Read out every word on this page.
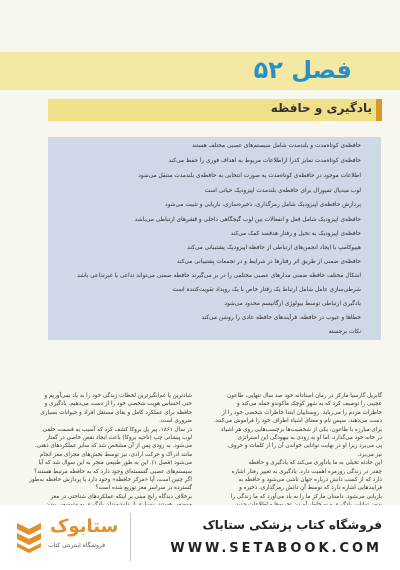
فصل ۵۲
یادگیری و حافظه
حافظه‌ی کوتاه‌مدت و بلندمدت شامل سیستم‌های عصبی مختلف هستند
حافظه‌ی کوتاه‌مدت تمایز کذرا ازاطلاعات مربوط به اهداف فوری را حفظ می‌کند
اطلاعات موجود در حافظه‌ی کوتاه‌مدت به صورت انتخابی به حافظه‌ی بلندمدت منتقل می‌شود
لوب میدیال تمپورال برای حافظه‌ی بلندمدت اپیزودیک حیاتی است
پردازش حافظه‌ی اپیزودیک شامل رمزگذاری، ذخیره‌سازی، بازیابی و تثبیت می‌شود
حافظه‌ی اپیزودیک شامل فعل و انفعالات بین لوب گیجگاهی داخلی و قشرهای ارتباطی می‌باشد
حافظه‌ی اپیزودیک به تخیل و رفتار هدفمند کمک می‌کند
هیپوکامپ با ایجاد انجمن‌های ارتباطی از حافظه اپیزودیک پشتیبانی می‌کند
حافظه‌ی ضمنی از طریق اثر رفتارها در شرایط و در تجمعات پشتیبانی می‌کند
اشکال مختلف حافظه ضمنی مدارهای عصبی مختلفی را در بر می‌گیرند حافظه ضمنی می‌تواند تداعی یا غیرتداعی باشد
شرطی‌سازی عامل شامل ارتباط یک رفتار خاص با یک رویداد تقویت‌کننده است
یادگیری ارتباطی توسط بیولوژی ارگانیسم محدود می‌شود
خطاها و عیوب در حافظه، فرآیندهای حافظه عادی را روشن می‌کند
نکات برجسته
گابریل گارسیا مارکز در رمان استادانه خود صد سال تنهایی، طاعون
عجیبی را توصیف کرد که به شهر کوچک ماکوندو حمله می‌کند و
خاطرات مردم را می‌رباید. روستاییان ابتدا خاطرات شخصی خود را از
دست می‌دهند، سپس نام و معنای اشیاء اطراف خود را فراموش می‌کنند.
برای مبارزه با طاعون، یکی از شخصیت‌ها برچسب‌هایی روی هر اشیاء
در خانه خود می‌گذارد، اما او به زودی به بیهودگی این استراتژی
پی می‌برد زیرا او در نهایت توانایی خواندن آن را از کلمات و حروف
نیز می‌برد.
این حادثه تخیلی به ما یادآوری می‌کند که یادگیری و حافظه
چقدر در زندگی روزمره اهمیت دارد. یادگیری به تغییر رفتار اشاره
دارد که از کسب دانش درباره جهان ناشی می‌شود و حافظه به
فرایندهایی اشاره دارد که توسط آن دانش رمزگذاری، ذخیره و
بازیابی می‌شود. داستان مارکز ما را به یاد می‌آورد که ما زندگی را
شادترین یا غم‌انگیزترین لحظات زندگی خود را به یاد نمی‌آوریم و
حتی احساس هویت شخصی خود را از دست می‌دهیم. یادگیری و
حافظه برای عملکرد کامل و بقای مستقل افراد و حیوانات بسیاری
ضروری است.
در سال ۱۸۶۱، پیر پل بروکا کشف کرد که آسیب به قسمت خلفی
لوب پیشانی چپ (ناحیه بروکا) باعث ایجاد نقص خاصی در گفتار
می‌شود. به زودی پس از آن مشخص شد که سایر عملکردهای ذهنی،
مانند ادراک و حرکت ارادی، نیز توسط بخش‌های مجزای مغز انجام
می‌شود (فصل ۱). این به طور طبیعی منجر به این سوال شد که آیا
سیستم‌های عصبی گسسته‌ای وجود دارد که به حافظه مرتبط هستند؟
اگر چنین است، آیا «مرکز حافظه» وجود دارد یا پردازش حافظه به‌طور
گسترده در سراسر مغز توزیع شده است؟
برخلاف دیدگاه رایج مبنی بر اینکه عملکردهای شناختی در مغز
ستابوک
فروشگاه اینترنتی کتاب
فروشگاه کتاب پزشکی ستاباک
WWW.SETABOOK.COM
